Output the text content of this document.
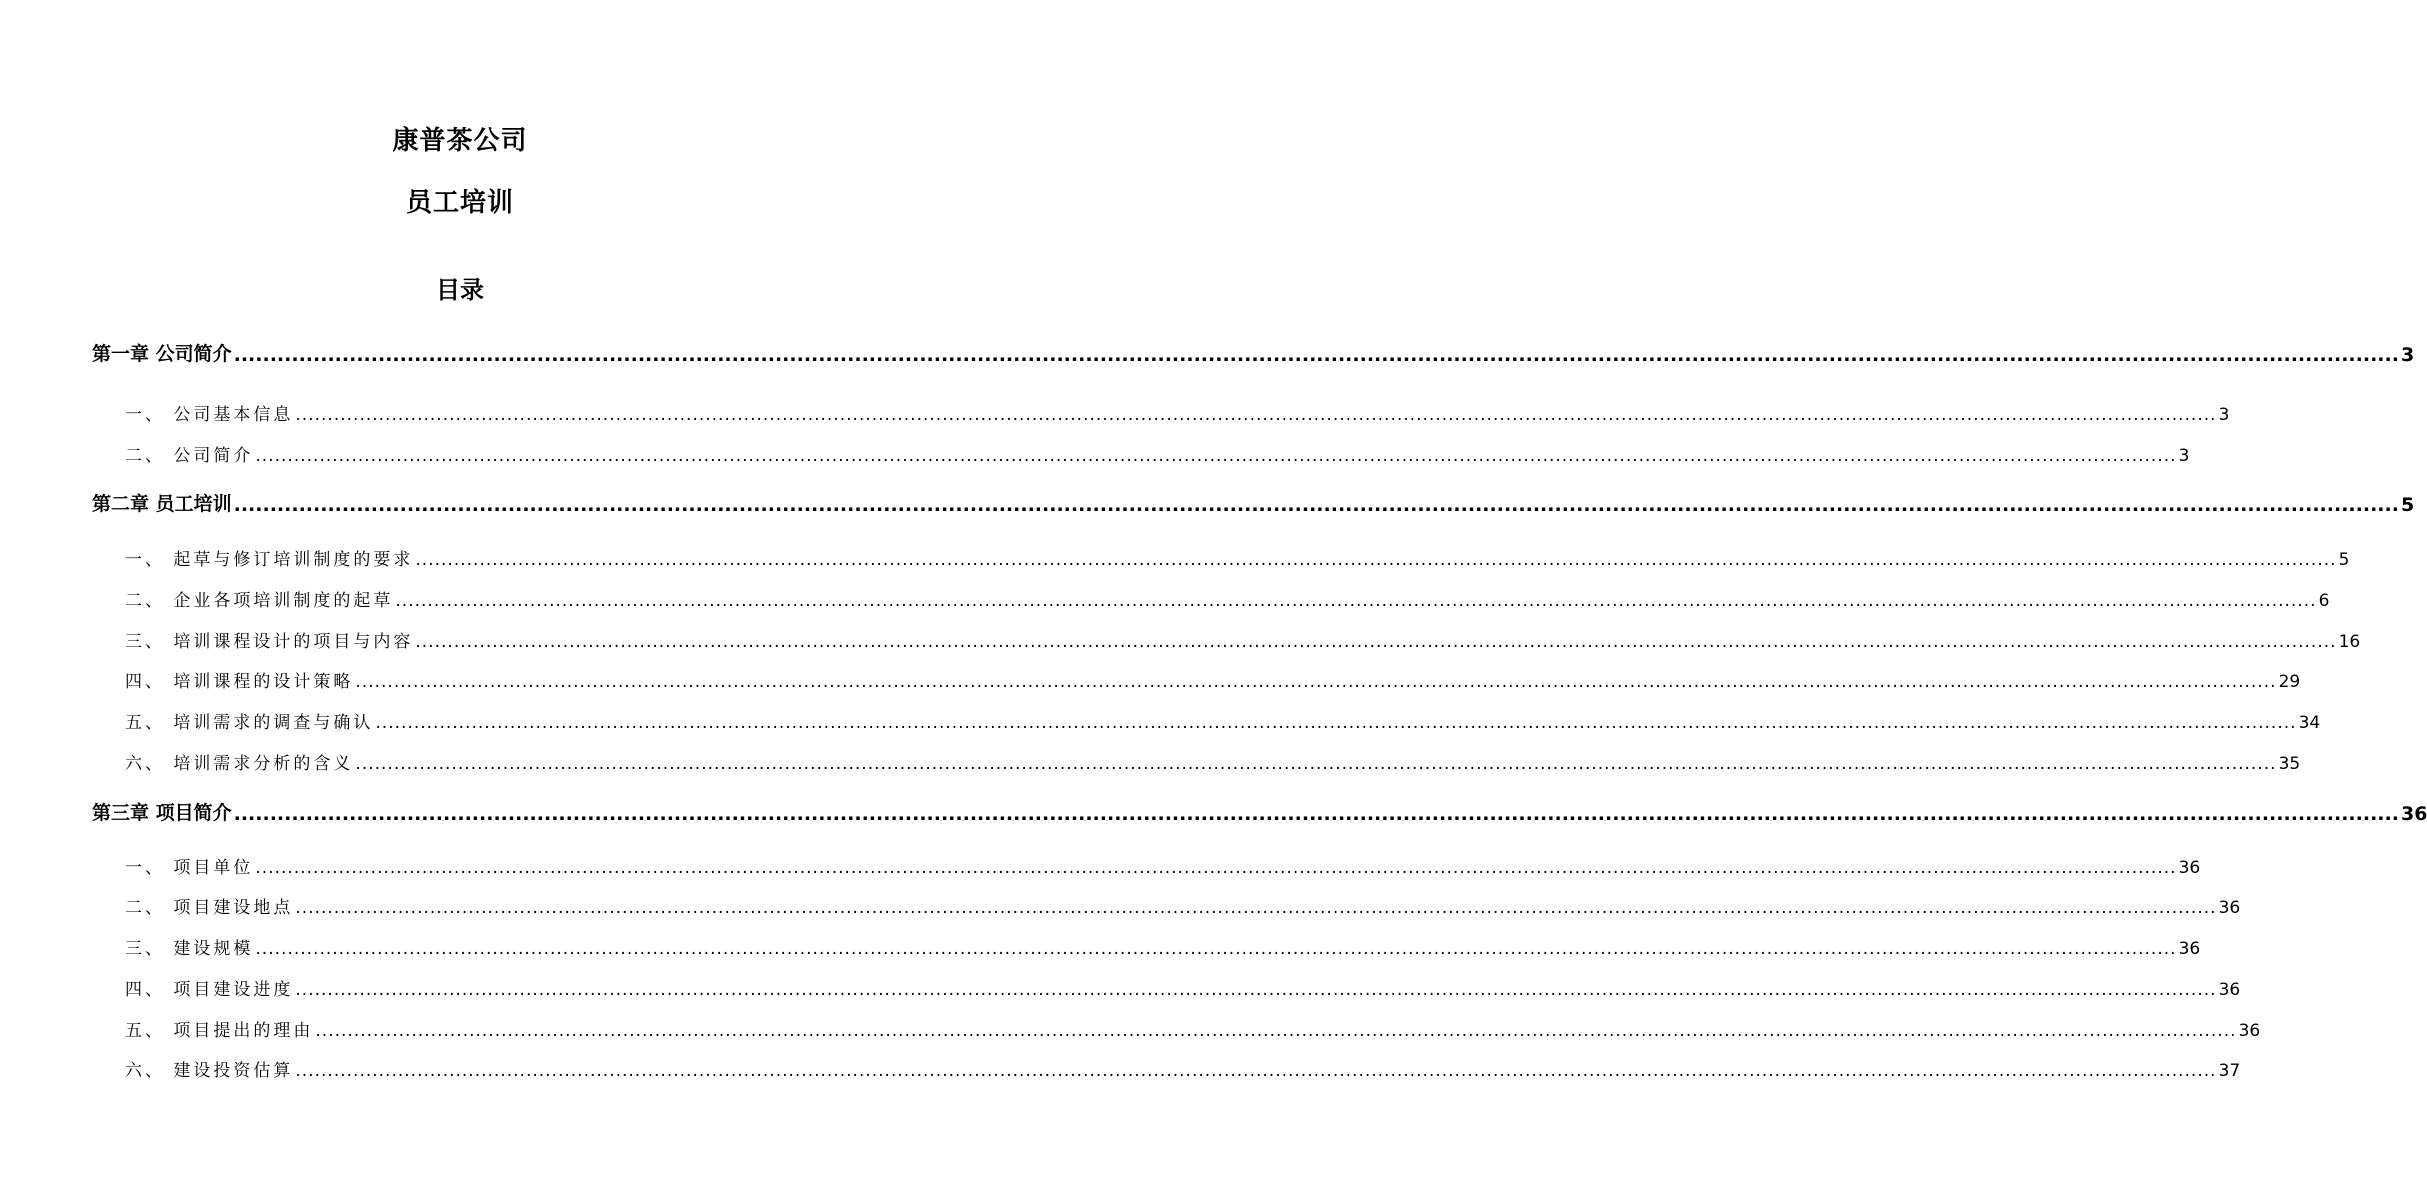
康普茶公司
员工培训
目录
第一章 公司简介 ............................................................................................................................................................................................................................................................................................................ 3
一、 公司基本信息 ............................................................................................................................................................................................................................................................................................................ 3
二、 公司简介 ............................................................................................................................................................................................................................................................................................................ 3
第二章 员工培训 ............................................................................................................................................................................................................................................................................................................ 5
一、 起草与修订培训制度的要求 ............................................................................................................................................................................................................................................................................................................ 5
二、 企业各项培训制度的起草 ............................................................................................................................................................................................................................................................................................................ 6
三、 培训课程设计的项目与内容 ............................................................................................................................................................................................................................................................................................................ 16
四、 培训课程的设计策略 ............................................................................................................................................................................................................................................................................................................ 29
五、 培训需求的调查与确认 ............................................................................................................................................................................................................................................................................................................ 34
六、 培训需求分析的含义 ............................................................................................................................................................................................................................................................................................................ 35
第三章 项目简介 ............................................................................................................................................................................................................................................................................................................ 36
一、 项目单位 ............................................................................................................................................................................................................................................................................................................ 36
二、 项目建设地点 ............................................................................................................................................................................................................................................................................................................ 36
三、 建设规模 ............................................................................................................................................................................................................................................................................................................ 36
四、 项目建设进度 ............................................................................................................................................................................................................................................................................................................ 36
五、 项目提出的理由 ............................................................................................................................................................................................................................................................................................................ 36
六、 建设投资估算 ............................................................................................................................................................................................................................................................................................................ 37
